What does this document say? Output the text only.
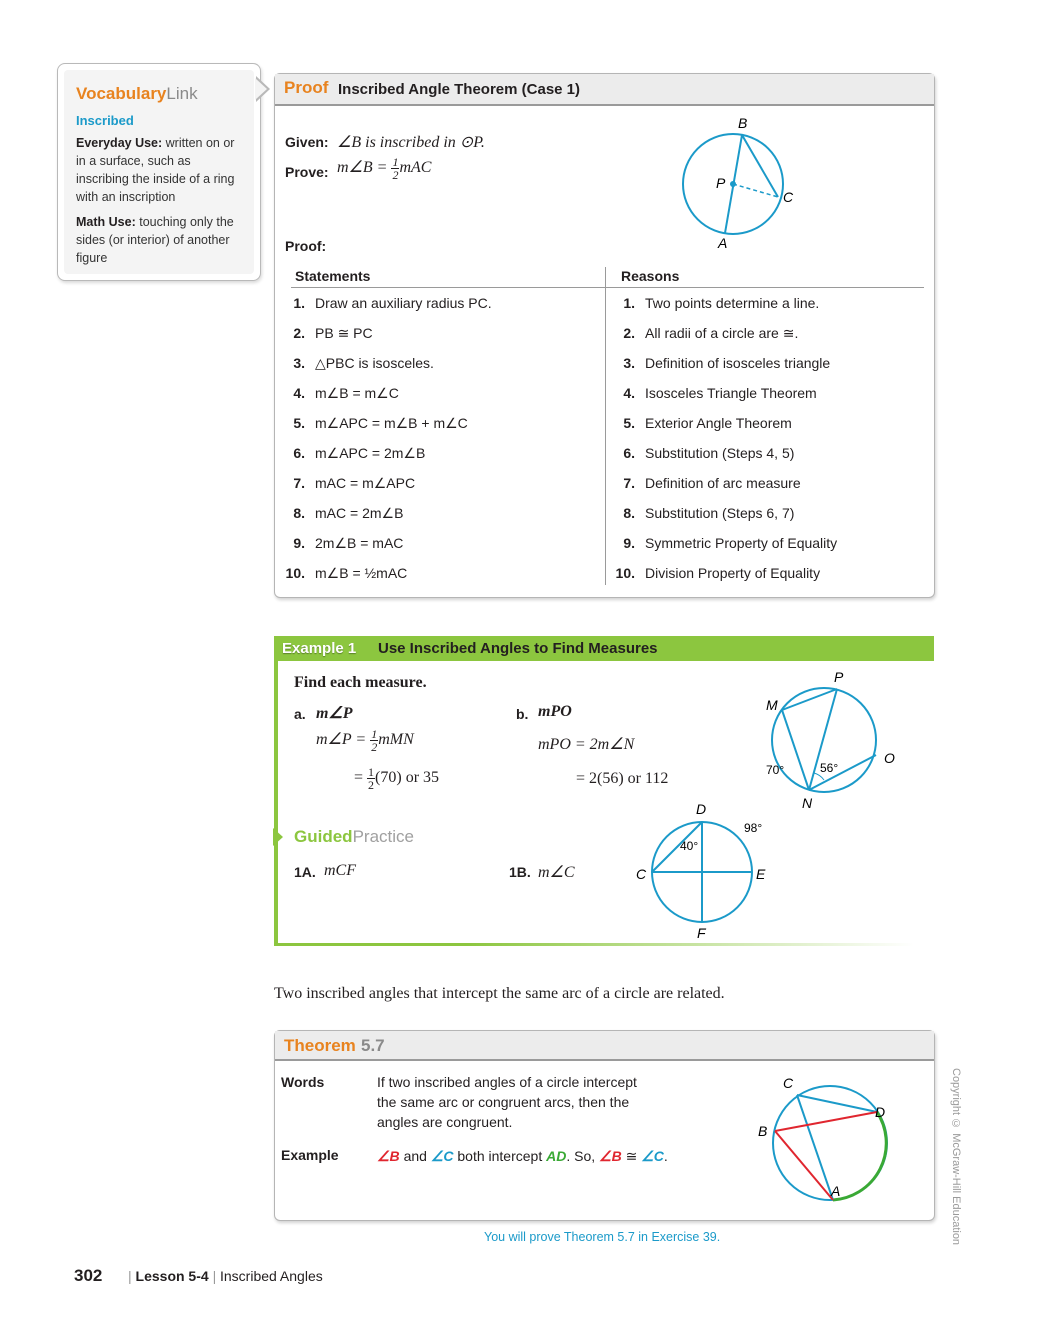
VocabularyLink
Inscribed
Everyday Use: written on or in a surface, such as inscribing the inside of a ring with an inscription
Math Use: touching only the sides (or interior) of another figure
Proof Inscribed Angle Theorem (Case 1)
Given: ∠B is inscribed in ⊙P.
Prove: m∠B = $\frac{1}{2}$ mAC
Proof:
B
P
C
A
Statements	Reasons
1. Draw an auxiliary radius PC.	1. Two points determine a line.
2. PB ≅ PC	2. All radii of a circle are ≅.
3. △PBC is isosceles.	3. Definition of isosceles triangle
4. m∠B = m∠C	4. Isosceles Triangle Theorem
5. m∠APC = m∠B + m∠C	5. Exterior Angle Theorem
6. m∠APC = 2m∠B	6. Substitution (Steps 4, 5)
7. mAC = m∠APC	7. Definition of arc measure
8. mAC = 2m∠B	8. Substitution (Steps 6, 7)
9. 2m∠B = mAC	9. Symmetric Property of Equality
10. m∠B = ½mAC	10. Division Property of Equality
Example 1 Use Inscribed Angles to Find Measures
Find each measure.
a. m∠P
m∠P = $\frac{1}{2}$ mMN
= $\frac{1}{2} (70)$ or 35
b. mPO
mPO = 2m∠N
= 2(56) or 112
P
M
O
N
70°	56°
GuidedPractice
1A. mCF	1B. m∠C
D
C	E
F
98°
40°
Two inscribed angles that intercept the same arc of a circle are related.
Theorem 5.7
Words	If two inscribed angles of a circle intercept the same arc or congruent arcs, then the angles are congruent.
Example	∠B and ∠C both intercept AD. So, ∠B ≅ ∠C.
C
D
B
A
You will prove Theorem 5.7 in Exercise 39.	Copyright © McGraw-Hill Education
302 | Lesson 5-4 | Inscribed Angles
